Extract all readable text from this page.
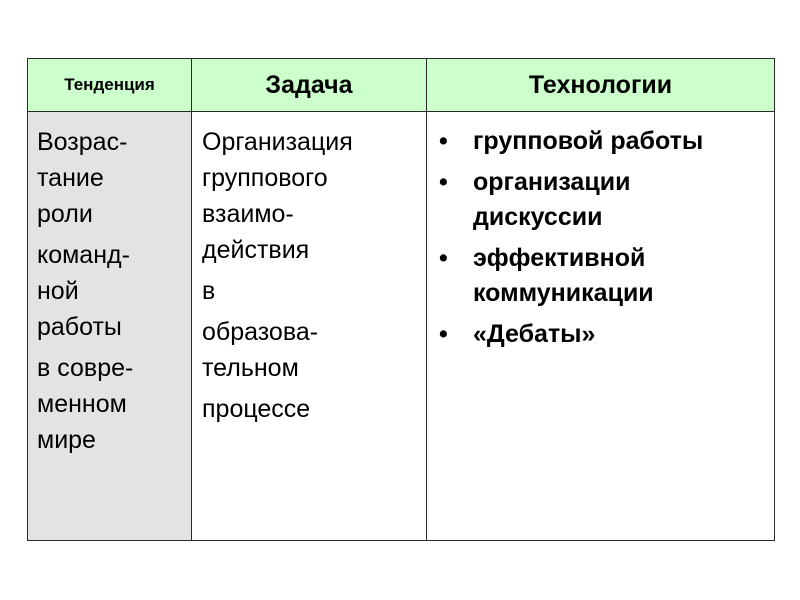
Тенденция	Задача	Технологии

Возрас-
тание
роли

команд-
ной
работы

в совре-
менном
мире

Организация
группового
взаимо-
действия

в

образова-
тельном

процессе

• групповой работы
• организации
дискуссии
• эффективной
коммуникации
• «Дебаты»
